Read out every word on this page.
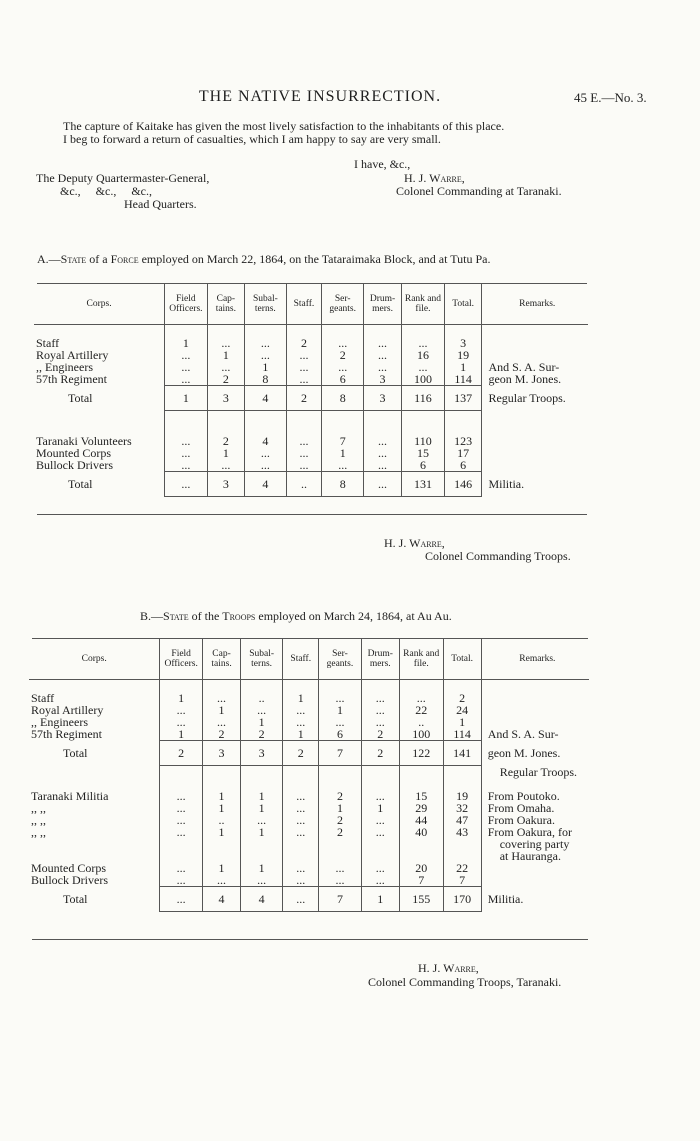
THE NATIVE INSURRECTION.	45 E.—No. 3.
The capture of Kaitake has given the most lively satisfaction to the inhabitants of this place.
I beg to forward a return of casualties, which I am happy to say are very small.
I have, &c.,
H. J. Warre,
Colonel Commanding at Taranaki.
The Deputy Quartermaster-General,
&c.,     &c.,     &c.,
Head Quarters.
A.—State of a Force employed on March 22, 1864, on the Tataraimaka Block, and at Tutu Pa.
Corps.	Field Officers.	Cap-tains.	Subal-terns.	Staff.	Ser-geants.	Drum-mers.	Rank and file.	Total.	Remarks.

Staff	1	...	...	2	...	...	...	3	
Royal Artillery	...	1	...	...	2	...	16	19	
,, Engineers	...	...	1	...	...	...	...	1	And S. A. Sur-
57th Regiment	...	2	8	...	6	3	100	114	geon M. Jones.
Total	1	3	4	2	8	3	116	137	Regular Troops.

Taranaki Volunteers	...	2	4	...	7	...	110	123	
Mounted Corps	...	1	...	...	1	...	15	17	
Bullock Drivers	...	...	...	...	...	...	6	6	
Total	...	3	4	..	8	...	131	146	Militia.
H. J. Warre,
Colonel Commanding Troops.
B.—State of the Troops employed on March 24, 1864, at Au Au.
Corps.	Field Officers.	Cap-tains.	Subal-terns.	Staff.	Ser-geants.	Drum-mers.	Rank and file.	Total.	Remarks.

Staff	1	...	..	1	...	...	...	2	
Royal Artillery	...	1	...	...	1	...	22	24	
,, Engineers	...	...	1	...	...	...	..	1	
57th Regiment	1	2	2	1	6	2	100	114	And S. A. Sur-
Total	2	3	3	2	7	2	122	141	geon M. Jones.
									Regular Troops.

Taranaki Militia	...	1	1	...	2	...	15	19	From Poutoko.
,, ,,	...	1	1	...	1	1	29	32	From Omaha.
,, ,,	...	..	...	...	2	...	44	47	From Oakura.
,, ,,	...	1	1	...	2	...	40	43	From Oakura, for
									covering party
									at Hauranga.
Mounted Corps	...	1	1	...	...	...	20	22	
Bullock Drivers	...	...	...	...	...	...	7	7	
Total	...	4	4	...	7	1	155	170	Militia.
H. J. Warre,
Colonel Commanding Troops, Taranaki.
